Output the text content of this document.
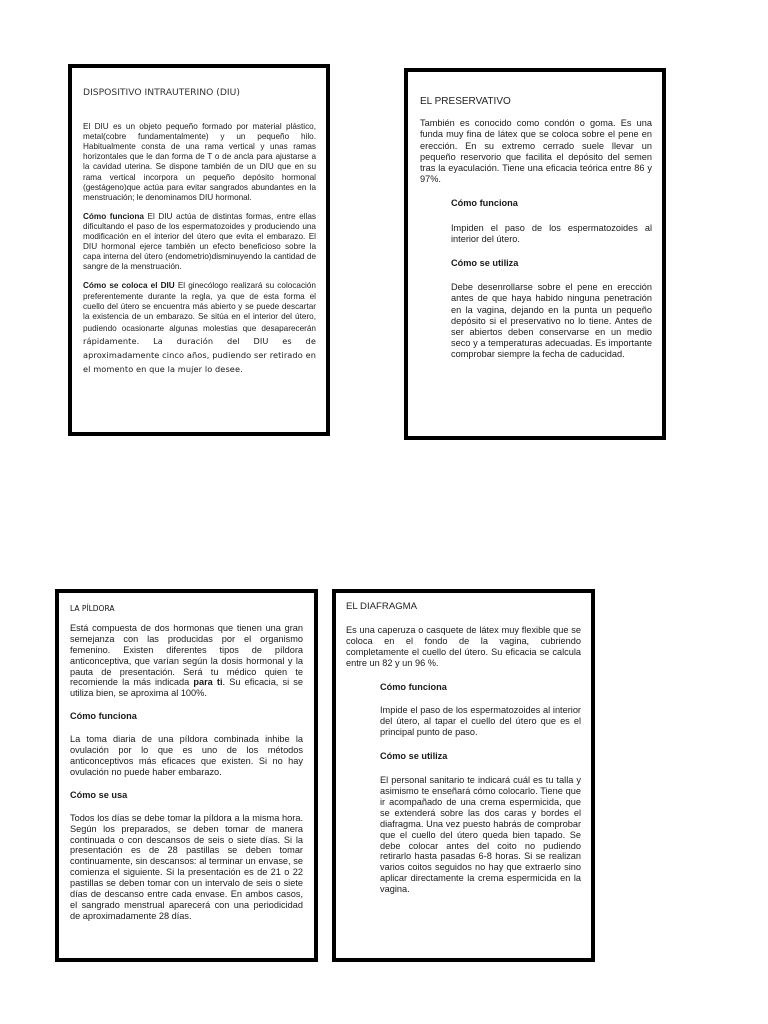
DISPOSITIVO INTRAUTERINO (DIU)

El DIU es un objeto pequeño formado por material plástico, metal(cobre fundamentalmente) y un pequeño hilo. Habitualmente consta de una rama vertical y unas ramas horizontales que le dan forma de T o de ancla para ajustarse a la cavidad uterina. Se dispone también de un DIU que en su rama vertical incorpora un pequeño depósito hormonal (gestágeno)que actúa para evitar sangrados abundantes en la menstruación; le denominamos DIU hormonal.

Cómo funciona El DIU actúa de distintas formas, entre ellas dificultando el paso de los espermatozoides y produciendo una modificación en el interior del útero que evita el embarazo. El DIU hormonal ejerce también un efecto beneficioso sobre la capa interna del útero (endometrio)disminuyendo la cantidad de sangre de la menstruación.

Cómo se coloca el DIU El ginecólogo realizará su colocación preferentemente durante la regla, ya que de esta forma el cuello del útero se encuentra más abierto y se puede descartar la existencia de un embarazo. Se sitúa en el interior del útero, pudiendo ocasionarte algunas molestias que desaparecerán rápidamente. La duración del DIU es de aproximadamente cinco años, pudiendo ser retirado en el momento en que la mujer lo desee.

EL PRESERVATIVO

También es conocido como condón o goma. Es una funda muy fina de látex que se coloca sobre el pene en erección. En su extremo cerrado suele llevar un pequeño reservorio que facilita el depósito del semen tras la eyaculación. Tiene una eficacia teórica entre 86 y 97%.

Cómo funciona

Impiden el paso de los espermatozoides al interior del útero.

Cómo se utiliza

Debe desenrollarse sobre el pene en erección antes de que haya habido ninguna penetración en la vagina, dejando en la punta un pequeño depósito si el preservativo no lo tiene. Antes de ser abiertos deben conservarse en un medio seco y a temperaturas adecuadas. Es importante comprobar siempre la fecha de caducidad.

LA PÍLDORA

Está compuesta de dos hormonas que tienen una gran semejanza con las producidas por el organismo femenino. Existen diferentes tipos de píldora anticonceptiva, que varían según la dosis hormonal y la pauta de presentación. Será tu médico quien te recomiende la más indicada para ti. Su eficacia, si se utiliza bien, se aproxima al 100%.

Cómo funciona

La toma diaria de una píldora combinada inhibe la ovulación por lo que es uno de los métodos anticonceptivos más eficaces que existen. Si no hay ovulación no puede haber embarazo.

Cómo se usa

Todos los días se debe tomar la píldora a la misma hora. Según los preparados, se deben tomar de manera continuada o con descansos de seis o siete días. Si la presentación es de 28 pastillas se deben tomar continuamente, sin descansos: al terminar un envase, se comienza el siguiente. Si la presentación es de 21 o 22 pastillas se deben tomar con un intervalo de seis o siete días de descanso entre cada envase. En ambos casos, el sangrado menstrual aparecerá con una periodicidad de aproximadamente 28 días.

EL DIAFRAGMA

Es una caperuza o casquete de látex muy flexible que se coloca en el fondo de la vagina, cubriendo completamente el cuello del útero. Su eficacia se calcula entre un 82 y un 96 %.

Cómo funciona

Impide el paso de los espermatozoides al interior del útero, al tapar el cuello del útero que es el principal punto de paso.

Cómo se utiliza

El personal sanitario te indicará cuál es tu talla y asimismo te enseñará cómo colocarlo. Tiene que ir acompañado de una crema espermicida, que se extenderá sobre las dos caras y bordes el diafragma. Una vez puesto habrás de comprobar que el cuello del útero queda bien tapado. Se debe colocar antes del coito no pudiendo retirarlo hasta pasadas 6-8 horas. Si se realizan varios coitos seguidos no hay que extraerlo sino aplicar directamente la crema espermicida en la vagina.
